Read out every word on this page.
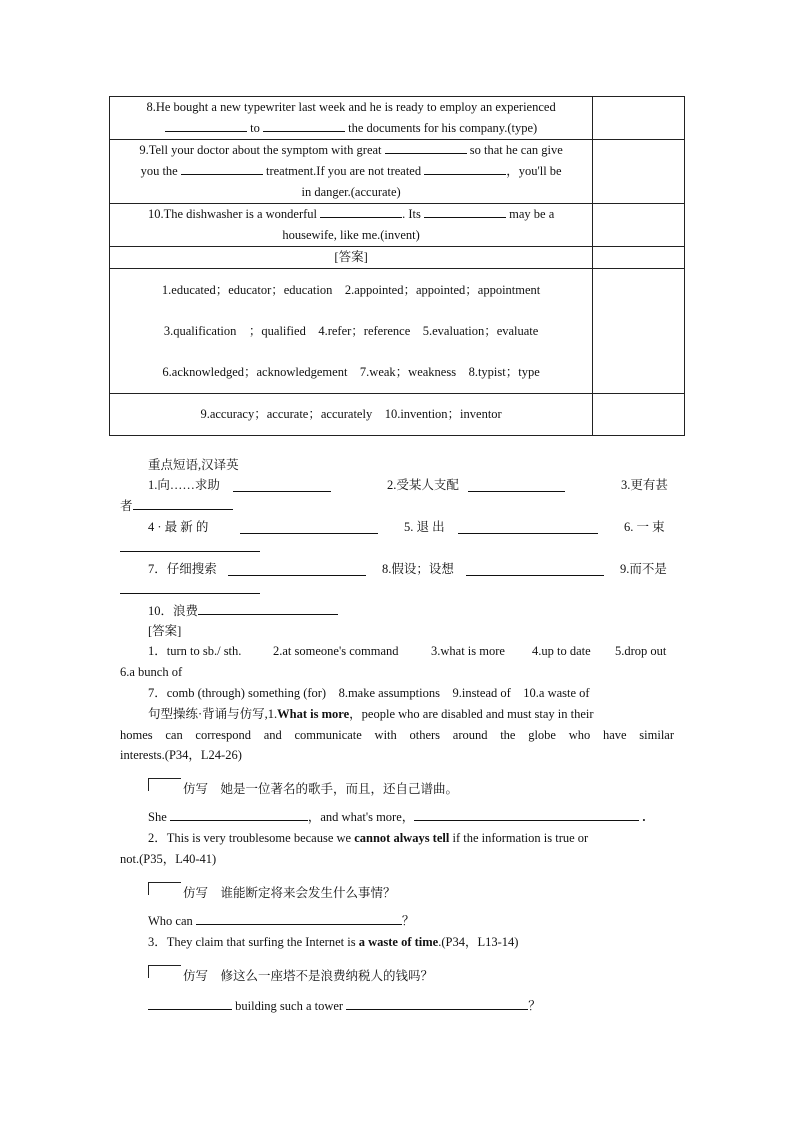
8.He bought a new typewriter last week and he is ready to employ an experienced
to the documents for his company.(type)	

9.Tell your doctor about the symptom with great so that he can give
you the treatment.If you are not treated ，you'll be
in danger.(accurate)	

10.The dishwasher is a wonderful . Its may be a
housewife, like me.(invent)	

[答案]	

1.educated；educator；education　2.appointed；appointed；appointment
3.qualification　；qualified　4.refer；reference　5.evaluation；evaluate
6.acknowledged；acknowledgement　7.weak；weakness　8.typist；type	

9.accuracy；accurate；accurately　10.invention；inventor	

重点短语,汉译英
1.向……求助	2.受某人支配	3.更有甚
者
4 · 最 新 的	5. 退 出	6. 一 束
7．仔细搜索	8.假设；设想	9.而不是
10．浪费
[答案]
1．turn to sb./ sth.	2.at someone's command	3.what is more 4.up to date 5.drop out
6.a bunch of
7．comb (through) something (for)　8.make assumptions　9.instead of　10.a waste of
句型操练·背诵与仿写,1.What is more，people who are disabled and must stay in their
homes can correspond and communicate with others around the globe who have similar
interests.(P34，L24-26)
仿写　 她是一位著名的歌手，而且，还自己谱曲。
She	，and what's more，	.
2．This is very troublesome because we cannot always tell if the information is true or
not.(P35，L40-41)
仿写　 谁能断定将来会发生什么事情？
Who can	？
3．They claim that surfing the Internet is a waste of time.(P34，L13-14)
仿写　 修这么一座塔不是浪费纳税人的钱吗？
building such a tower	？
